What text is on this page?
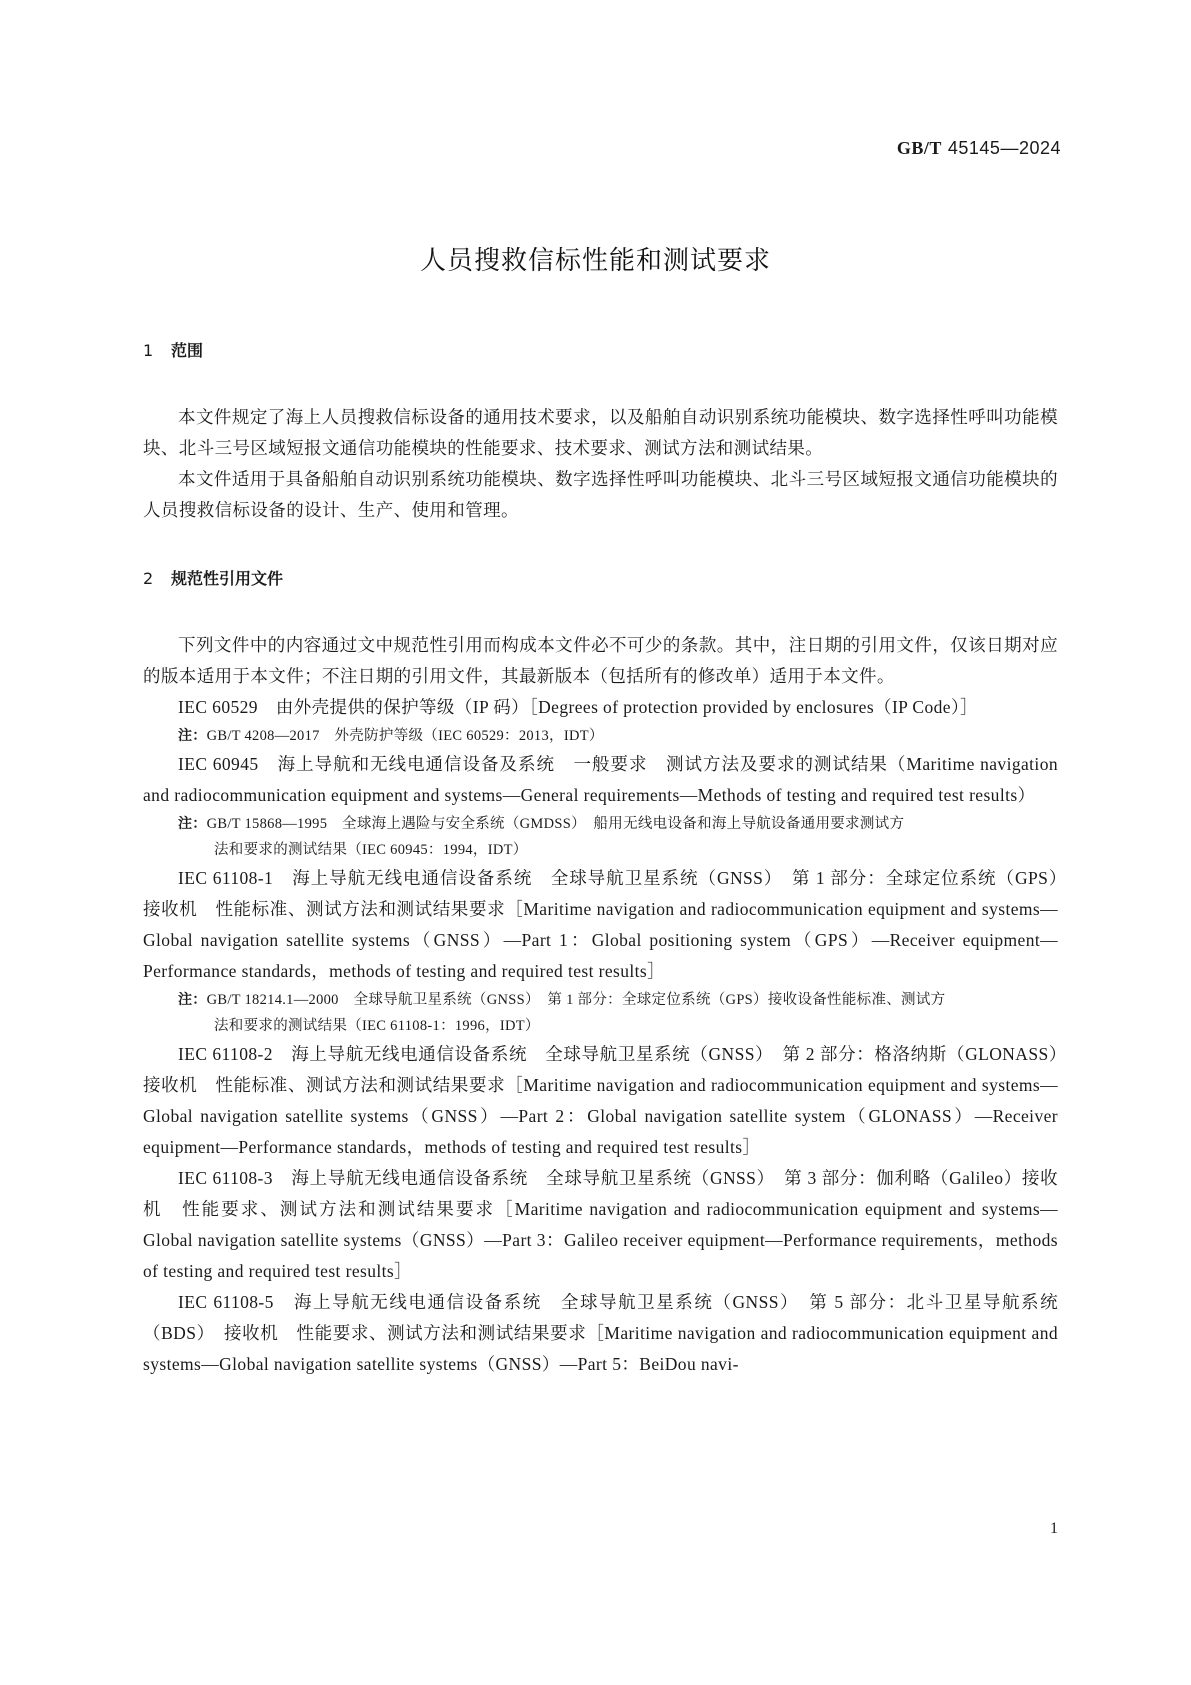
GB/T 45145—2024
人员搜救信标性能和测试要求
1 范围

本文件规定了海上人员搜救信标设备的通用技术要求，以及船舶自动识别系统功能模块、数字选择性呼叫功能模块、北斗三号区域短报文通信功能模块的性能要求、技术要求、测试方法和测试结果。

本文件适用于具备船舶自动识别系统功能模块、数字选择性呼叫功能模块、北斗三号区域短报文通信功能模块的人员搜救信标设备的设计、生产、使用和管理。

2 规范性引用文件

下列文件中的内容通过文中规范性引用而构成本文件必不可少的条款。其中，注日期的引用文件，仅该日期对应的版本适用于本文件；不注日期的引用文件，其最新版本（包括所有的修改单）适用于本文件。

IEC 60529　由外壳提供的保护等级（IP 码）［Degrees of protection provided by enclosures（IP Code）］

注：GB/T 4208—2017　外壳防护等级（IEC 60529：2013，IDT）

IEC 60945　海上导航和无线电通信设备及系统　一般要求　测试方法及要求的测试结果（Maritime navigation and radiocommunication equipment and systems—General requirements—Methods of testing and required test results）

注：GB/T 15868—1995　全球海上遇险与安全系统（GMDSS）　船用无线电设备和海上导航设备通用要求测试方
法和要求的测试结果（IEC 60945：1994，IDT）

IEC 61108-1　海上导航无线电通信设备系统　全球导航卫星系统（GNSS）　第 1 部分：全球定位系统（GPS）　接收机　性能标准、测试方法和测试结果要求［Maritime navigation and radiocommunication equipment and systems—Global navigation satellite systems（GNSS）—Part 1：Global positioning system（GPS）—Receiver equipment—Performance standards，methods of testing and required test results］

注：GB/T 18214.1—2000　全球导航卫星系统（GNSS）　第 1 部分：全球定位系统（GPS）接收设备性能标准、测试方
法和要求的测试结果（IEC 61108-1：1996，IDT）

IEC 61108-2　海上导航无线电通信设备系统　全球导航卫星系统（GNSS）　第 2 部分：格洛纳斯（GLONASS）　接收机　性能标准、测试方法和测试结果要求［Maritime navigation and radiocommunication equipment and systems—Global navigation satellite systems（GNSS）—Part 2：Global navigation satellite system（GLONASS）—Receiver equipment—Performance standards，methods of testing and required test results］

IEC 61108-3　海上导航无线电通信设备系统　全球导航卫星系统（GNSS）　第 3 部分：伽利略（Galileo）接收机　性能要求、测试方法和测试结果要求［Maritime navigation and radiocommunication equipment and systems—Global navigation satellite systems（GNSS）—Part 3：Galileo receiver equipment—Performance requirements，methods of testing and required test results］

IEC 61108-5　海上导航无线电通信设备系统　全球导航卫星系统（GNSS）　第 5 部分：北斗卫星导航系统（BDS）　接收机　性能要求、测试方法和测试结果要求［Maritime navigation and radiocommunication equipment and systems—Global navigation satellite systems（GNSS）—Part 5：BeiDou navi-

1
